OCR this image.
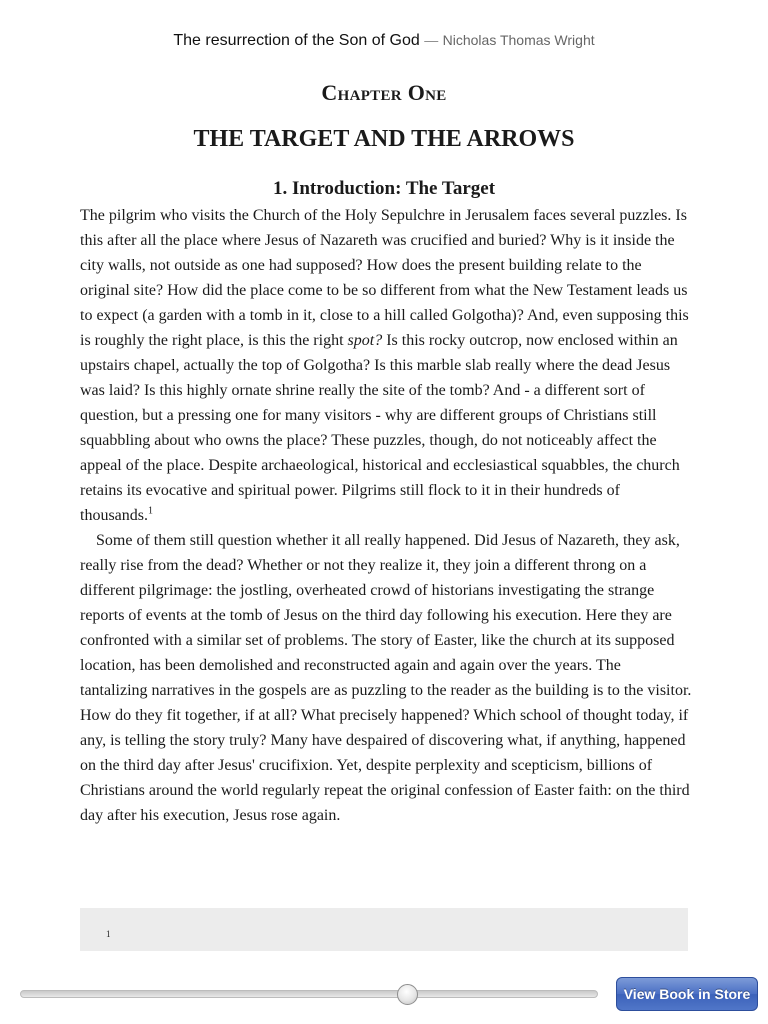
The resurrection of the Son of God — Nicholas Thomas Wright
Chapter One
THE TARGET AND THE ARROWS
1. Introduction: The Target

The pilgrim who visits the Church of the Holy Sepulchre in Jerusalem faces several puzzles. Is this after all the place where Jesus of Nazareth was crucified and buried? Why is it inside the city walls, not outside as one had supposed? How does the present building relate to the original site? How did the place come to be so different from what the New Testament leads us to expect (a garden with a tomb in it, close to a hill called Golgotha)? And, even supposing this is roughly the right place, is this the right spot? Is this rocky outcrop, now enclosed within an upstairs chapel, actually the top of Golgotha? Is this marble slab really where the dead Jesus was laid? Is this highly ornate shrine really the site of the tomb? And - a different sort of question, but a pressing one for many visitors - why are different groups of Christians still squabbling about who owns the place? These puzzles, though, do not noticeably affect the appeal of the place. Despite archaeological, historical and ecclesiastical squabbles, the church retains its evocative and spiritual power. Pilgrims still flock to it in their hundreds of thousands.$^1$

Some of them still question whether it all really happened. Did Jesus of Nazareth, they ask, really rise from the dead? Whether or not they realize it, they join a different throng on a different pilgrimage: the jostling, overheated crowd of historians investigating the strange reports of events at the tomb of Jesus on the third day following his execution. Here they are confronted with a similar set of problems. The story of Easter, like the church at its supposed location, has been demolished and reconstructed again and again over the years. The tantalizing narratives in the gospels are as puzzling to the reader as the building is to the visitor. How do they fit together, if at all? What precisely happened? Which school of thought today, if any, is telling the story truly? Many have despaired of discovering what, if anything, happened on the third day after Jesus' crucifixion. Yet, despite perplexity and scepticism, billions of Christians around the world regularly repeat the original confession of Easter faith: on the third day after his execution, Jesus rose again.

1
View Book in Store
